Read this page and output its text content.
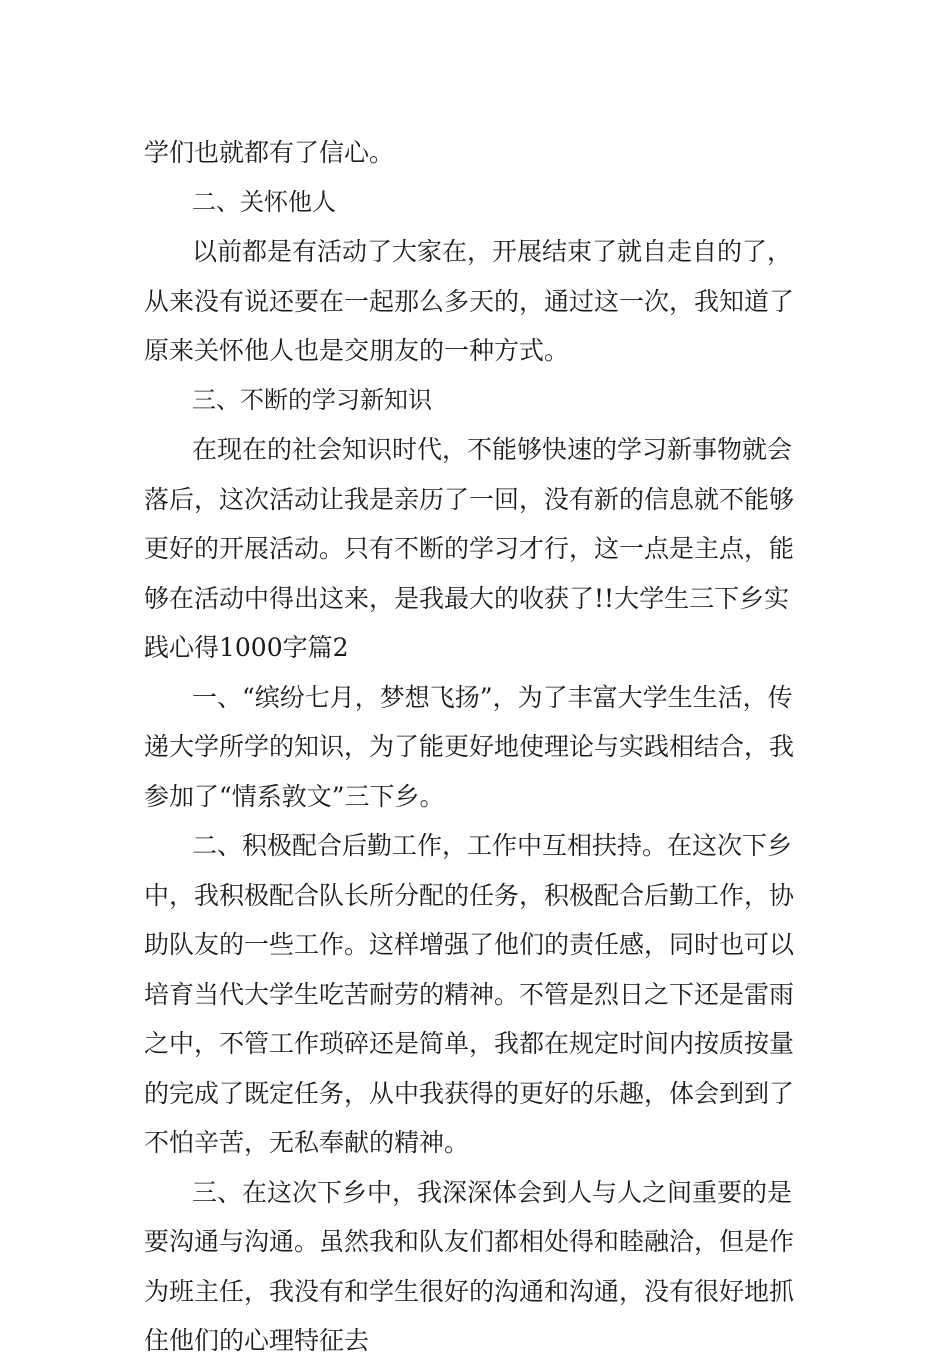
学们也就都有了信心。

二、关怀他人

以前都是有活动了大家在，开展结束了就自走自的了，从来没有说还要在一起那么多天的，通过这一次，我知道了原来关怀他人也是交朋友的一种方式。

三、不断的学习新知识

在现在的社会知识时代，不能够快速的学习新事物就会落后，这次活动让我是亲历了一回，没有新的信息就不能够更好的开展活动。只有不断的学习才行，这一点是主点，能够在活动中得出这来，是我最大的收获了!!大学生三下乡实践心得1000字篇2

一、“缤纷七月，梦想飞扬”，为了丰富大学生生活，传递大学所学的知识，为了能更好地使理论与实践相结合，我参加了“情系敦文”三下乡。

二、积极配合后勤工作，工作中互相扶持。在这次下乡中，我积极配合队长所分配的任务，积极配合后勤工作，协助队友的一些工作。这样增强了他们的责任感，同时也可以培育当代大学生吃苦耐劳的精神。不管是烈日之下还是雷雨之中，不管工作琐碎还是简单，我都在规定时间内按质按量的完成了既定任务，从中我获得的更好的乐趣，体会到到了不怕辛苦，无私奉献的精神。

三、在这次下乡中，我深深体会到人与人之间重要的是要沟通与沟通。虽然我和队友们都相处得和睦融洽，但是作为班主任，我没有和学生很好的沟通和沟通，没有很好地抓住他们的心理特征去
